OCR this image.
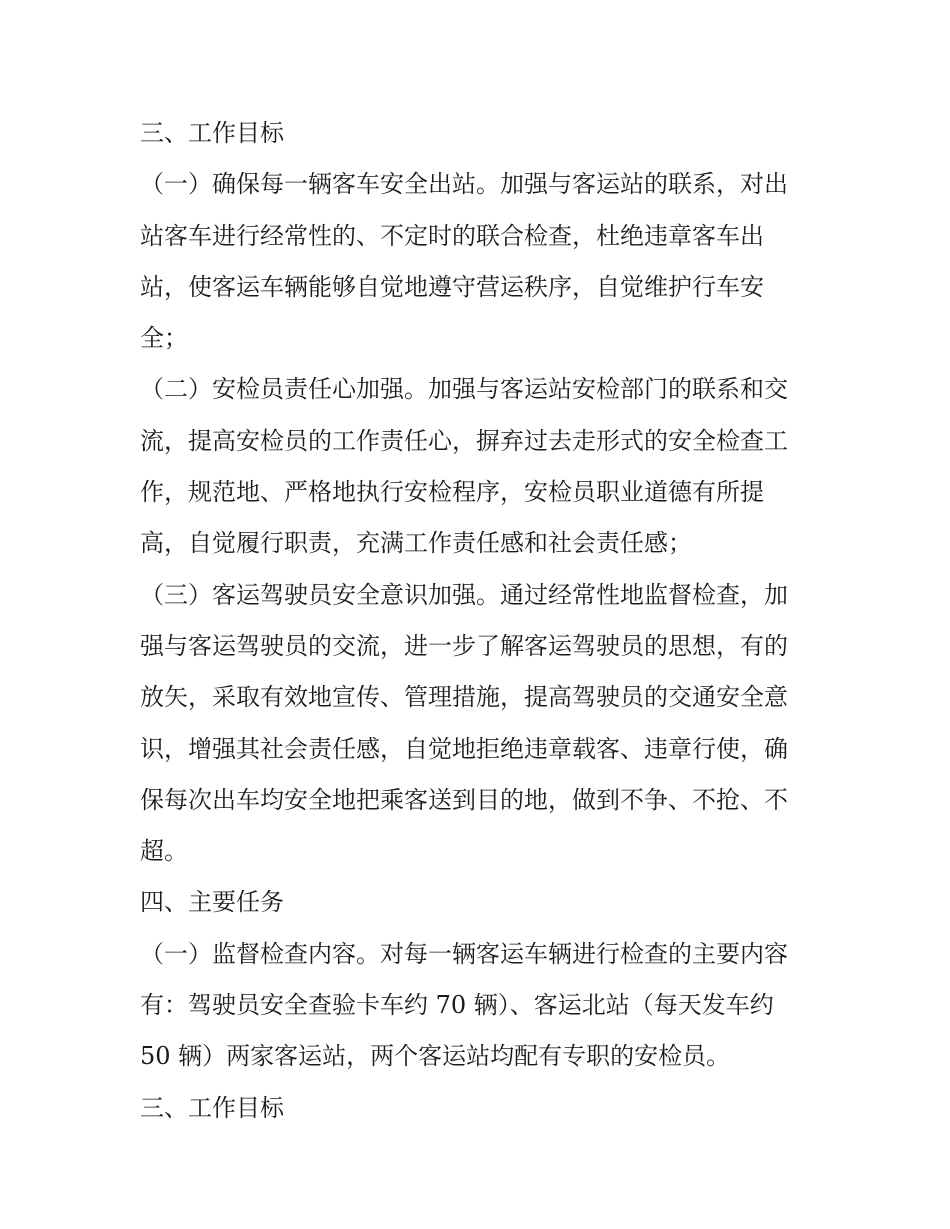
三、工作目标
（一）确保每一辆客车安全出站。加强与客运站的联系，对出
站客车进行经常性的、不定时的联合检查，杜绝违章客车出
站，使客运车辆能够自觉地遵守营运秩序，自觉维护行车安
全；
（二）安检员责任心加强。加强与客运站安检部门的联系和交
流，提高安检员的工作责任心，摒弃过去走形式的安全检查工
作，规范地、严格地执行安检程序，安检员职业道德有所提
高，自觉履行职责，充满工作责任感和社会责任感；
（三）客运驾驶员安全意识加强。通过经常性地监督检查，加
强与客运驾驶员的交流，进一步了解客运驾驶员的思想，有的
放矢，采取有效地宣传、管理措施，提高驾驶员的交通安全意
识，增强其社会责任感，自觉地拒绝违章载客、违章行使，确
保每次出车均安全地把乘客送到目的地，做到不争、不抢、不
超。
四、主要任务
（一）监督检查内容。对每一辆客运车辆进行检查的主要内容
有：驾驶员安全查验卡车约 70 辆）、客运北站（每天发车约
50 辆）两家客运站，两个客运站均配有专职的安检员。
三、工作目标
